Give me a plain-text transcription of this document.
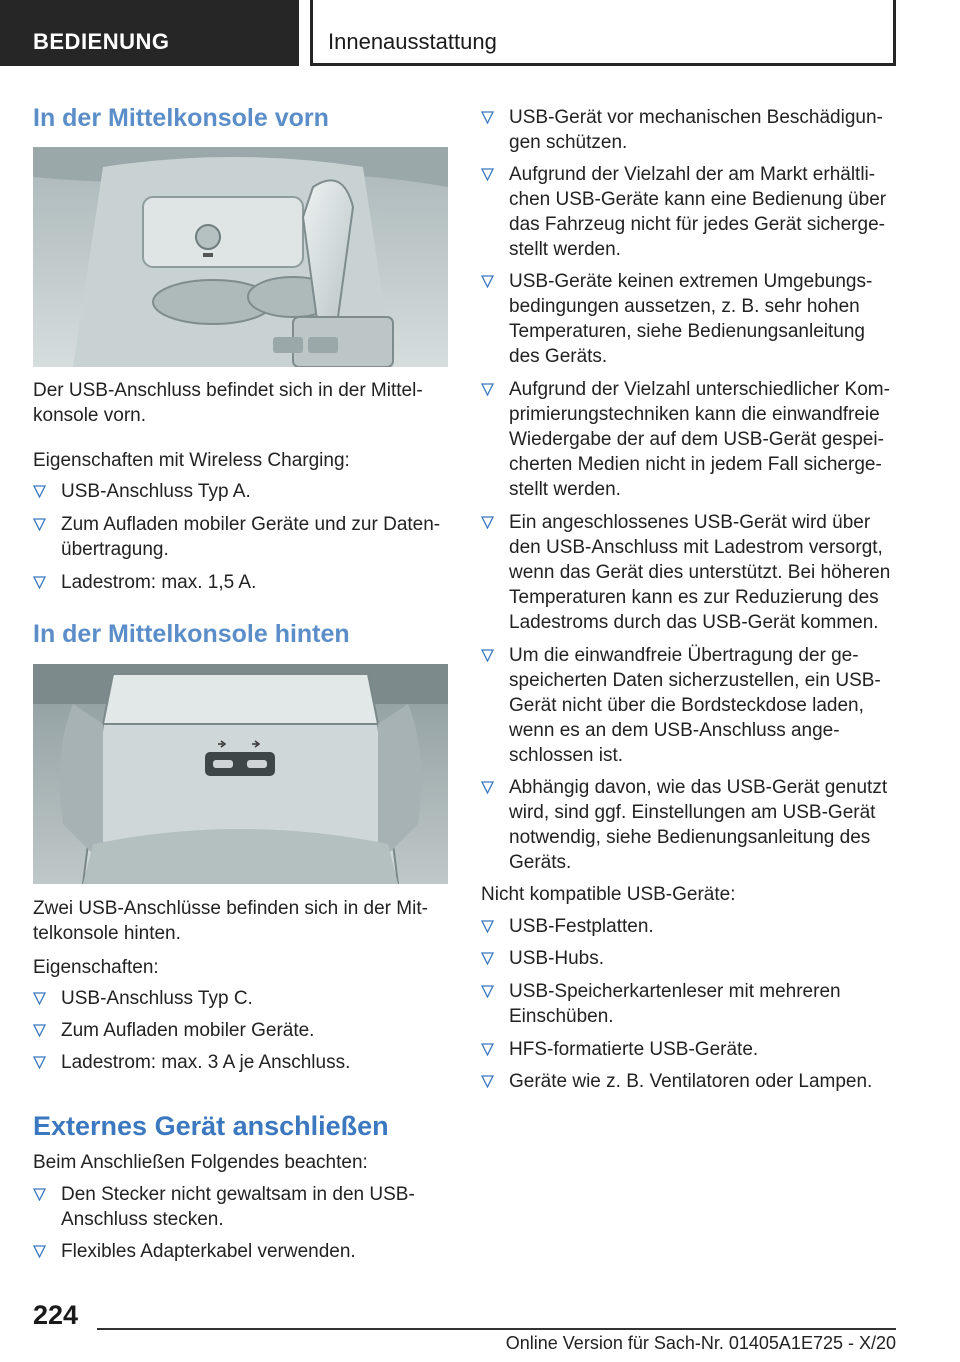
BEDIENUNG	Innenausstattung
In der Mittelkonsole vorn
Der USB-Anschluss befindet sich in der Mittel-
konsole vorn.
Eigenschaften mit Wireless Charging:
USB-Anschluss Typ A.
Zum Aufladen mobiler Geräte und zur Daten-
übertragung.
Ladestrom: max. 1,5 A.
In der Mittelkonsole hinten
Zwei USB-Anschlüsse befinden sich in der Mit-
telkonsole hinten.
Eigenschaften:
USB-Anschluss Typ C.
Zum Aufladen mobiler Geräte.
Ladestrom: max. 3 A je Anschluss.
Externes Gerät anschließen
Beim Anschließen Folgendes beachten:
Den Stecker nicht gewaltsam in den USB-
Anschluss stecken.
Flexibles Adapterkabel verwenden.
USB-Gerät vor mechanischen Beschädigun-
gen schützen.
Aufgrund der Vielzahl der am Markt erhältli-
chen USB-Geräte kann eine Bedienung über
das Fahrzeug nicht für jedes Gerät sicherge-
stellt werden.
USB-Geräte keinen extremen Umgebungs-
bedingungen aussetzen, z. B. sehr hohen
Temperaturen, siehe Bedienungsanleitung
des Geräts.
Aufgrund der Vielzahl unterschiedlicher Kom-
primierungstechniken kann die einwandfreie
Wiedergabe der auf dem USB-Gerät gespei-
cherten Medien nicht in jedem Fall sicherge-
stellt werden.
Ein angeschlossenes USB-Gerät wird über
den USB-Anschluss mit Ladestrom versorgt,
wenn das Gerät dies unterstützt. Bei höheren
Temperaturen kann es zur Reduzierung des
Ladestroms durch das USB-Gerät kommen.
Um die einwandfreie Übertragung der ge-
speicherten Daten sicherzustellen, ein USB-
Gerät nicht über die Bordsteckdose laden,
wenn es an dem USB-Anschluss ange-
schlossen ist.
Abhängig davon, wie das USB-Gerät genutzt
wird, sind ggf. Einstellungen am USB-Gerät
notwendig, siehe Bedienungsanleitung des
Geräts.
Nicht kompatible USB-Geräte:
USB-Festplatten.
USB-Hubs.
USB-Speicherkartenleser mit mehreren
Einschüben.
HFS-formatierte USB-Geräte.
Geräte wie z. B. Ventilatoren oder Lampen.
224
Online Version für Sach-Nr. 01405A1E725 - X/20
